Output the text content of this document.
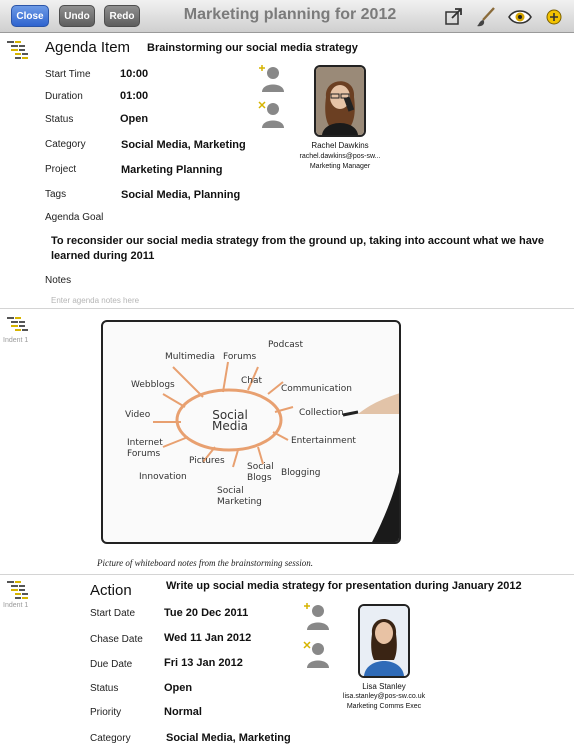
Close	Undo	Redo	Marketing planning for 2012
Agenda Item Brainstorming our social media strategy
Start Time	10:00
Duration	01:00
Status	Open
Category	Social Media, Marketing
Project	Marketing Planning
Tags	Social Media, Planning
Rachel Dawkins
rachel.dawkins@pos-sw...
Marketing Manager
Agenda Goal
To reconsider our social media strategy from the ground up, taking into account what we have learned during 2011
Notes
Enter agenda notes here
Indent 1
Social Media
Podcast
Multimedia Forums
Chat
Communication
Webblogs
Video	Collection
Entertainment
Internet Forums
Innovation
Pictures
Social Blogs	Blogging
Social Marketing
Picture of whiteboard notes from the brainstorming session.
Indent 1
Action	Write up social media strategy for presentation during January 2012
Start Date	Tue 20 Dec 2011
Chase Date Wed 11 Jan 2012
Due Date	Fri 13 Jan 2012
Status	Open
Priority	Normal
Category	Social Media, Marketing
Lisa Stanley
lisa.stanley@pos-sw.co.uk
Marketing Comms Exec
